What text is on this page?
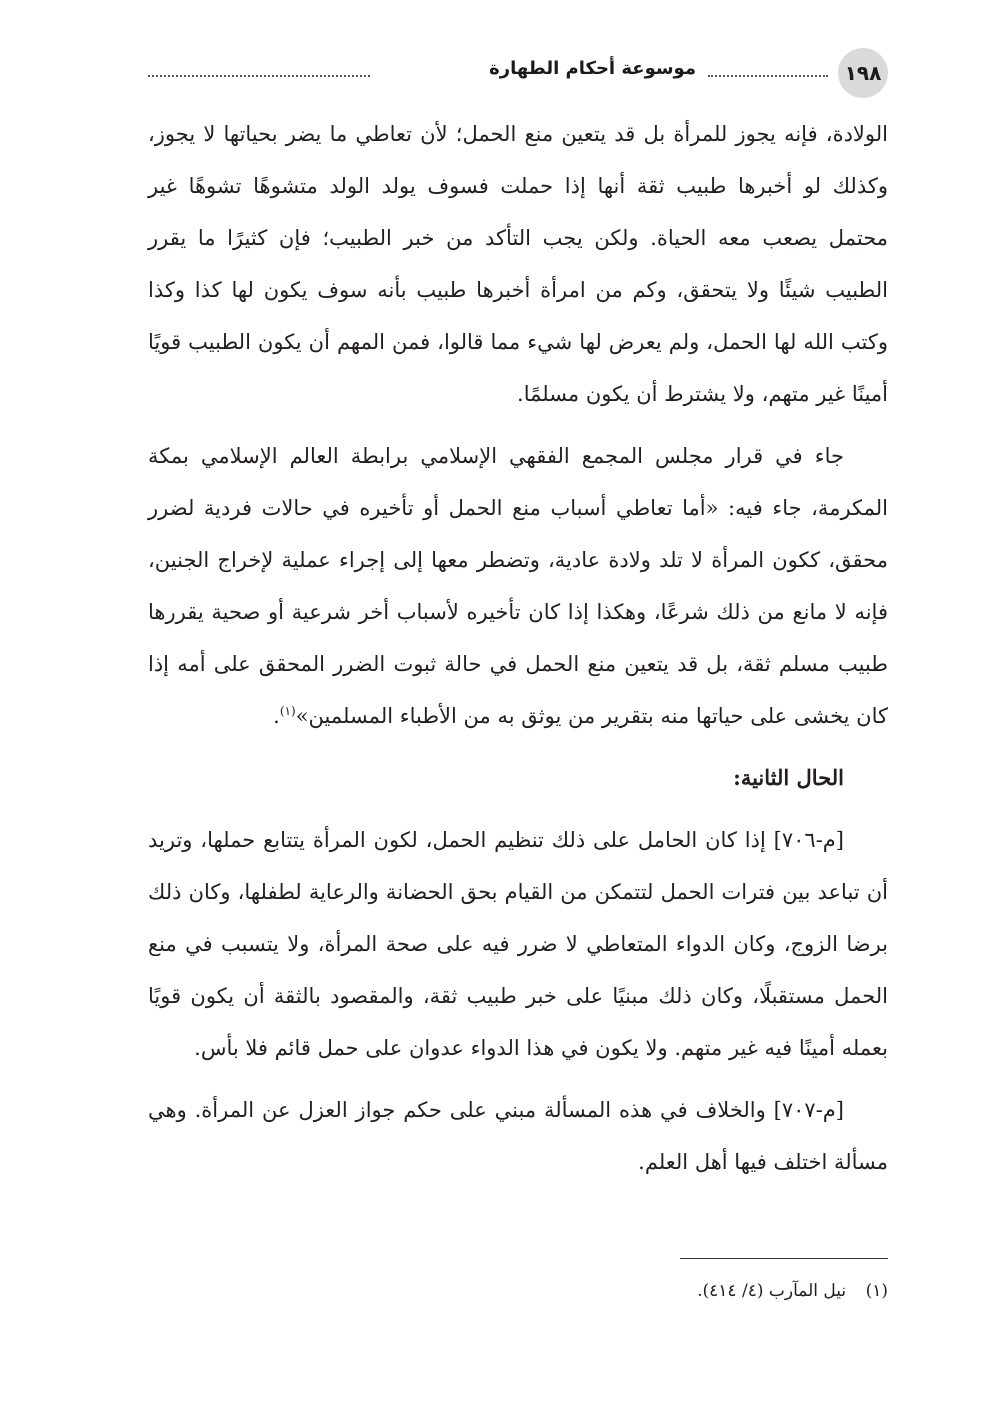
١٩٨
موسوعة أحكام الطهارة

الولادة، فإنه يجوز للمرأة بل قد يتعين منع الحمل؛ لأن تعاطي ما يضر بحياتها لا يجوز، وكذلك لو أخبرها طبيب ثقة أنها إذا حملت فسوف يولد الولد متشوهًا تشوهًا غير محتمل يصعب معه الحياة. ولكن يجب التأكد من خبر الطبيب؛ فإن كثيرًا ما يقرر الطبيب شيئًا ولا يتحقق، وكم من امرأة أخبرها طبيب بأنه سوف يكون لها كذا وكذا وكتب الله لها الحمل، ولم يعرض لها شيء مما قالوا، فمن المهم أن يكون الطبيب قويًا أمينًا غير متهم، ولا يشترط أن يكون مسلمًا.

جاء في قرار مجلس المجمع الفقهي الإسلامي برابطة العالم الإسلامي بمكة المكرمة، جاء فيه: «أما تعاطي أسباب منع الحمل أو تأخيره في حالات فردية لضرر محقق، ككون المرأة لا تلد ولادة عادية، وتضطر معها إلى إجراء عملية لإخراج الجنين، فإنه لا مانع من ذلك شرعًا، وهكذا إذا كان تأخيره لأسباب أخر شرعية أو صحية يقررها طبيب مسلم ثقة، بل قد يتعين منع الحمل في حالة ثبوت الضرر المحقق على أمه إذا كان يخشى على حياتها منه بتقرير من يوثق به من الأطباء المسلمين»$^{(١)}$.

الحال الثانية:

[م-٧٠٦] إذا كان الحامل على ذلك تنظيم الحمل، لكون المرأة يتتابع حملها، وتريد أن تباعد بين فترات الحمل لتتمكن من القيام بحق الحضانة والرعاية لطفلها، وكان ذلك برضا الزوج، وكان الدواء المتعاطي لا ضرر فيه على صحة المرأة، ولا يتسبب في منع الحمل مستقبلًا، وكان ذلك مبنيًا على خبر طبيب ثقة، والمقصود بالثقة أن يكون قويًا بعمله أمينًا فيه غير متهم. ولا يكون في هذا الدواء عدوان على حمل قائم فلا بأس.

[م-٧٠٧] والخلاف في هذه المسألة مبني على حكم جواز العزل عن المرأة. وهي مسألة اختلف فيها أهل العلم.

(١) نيل المآرب (٤/ ٤١٤).
